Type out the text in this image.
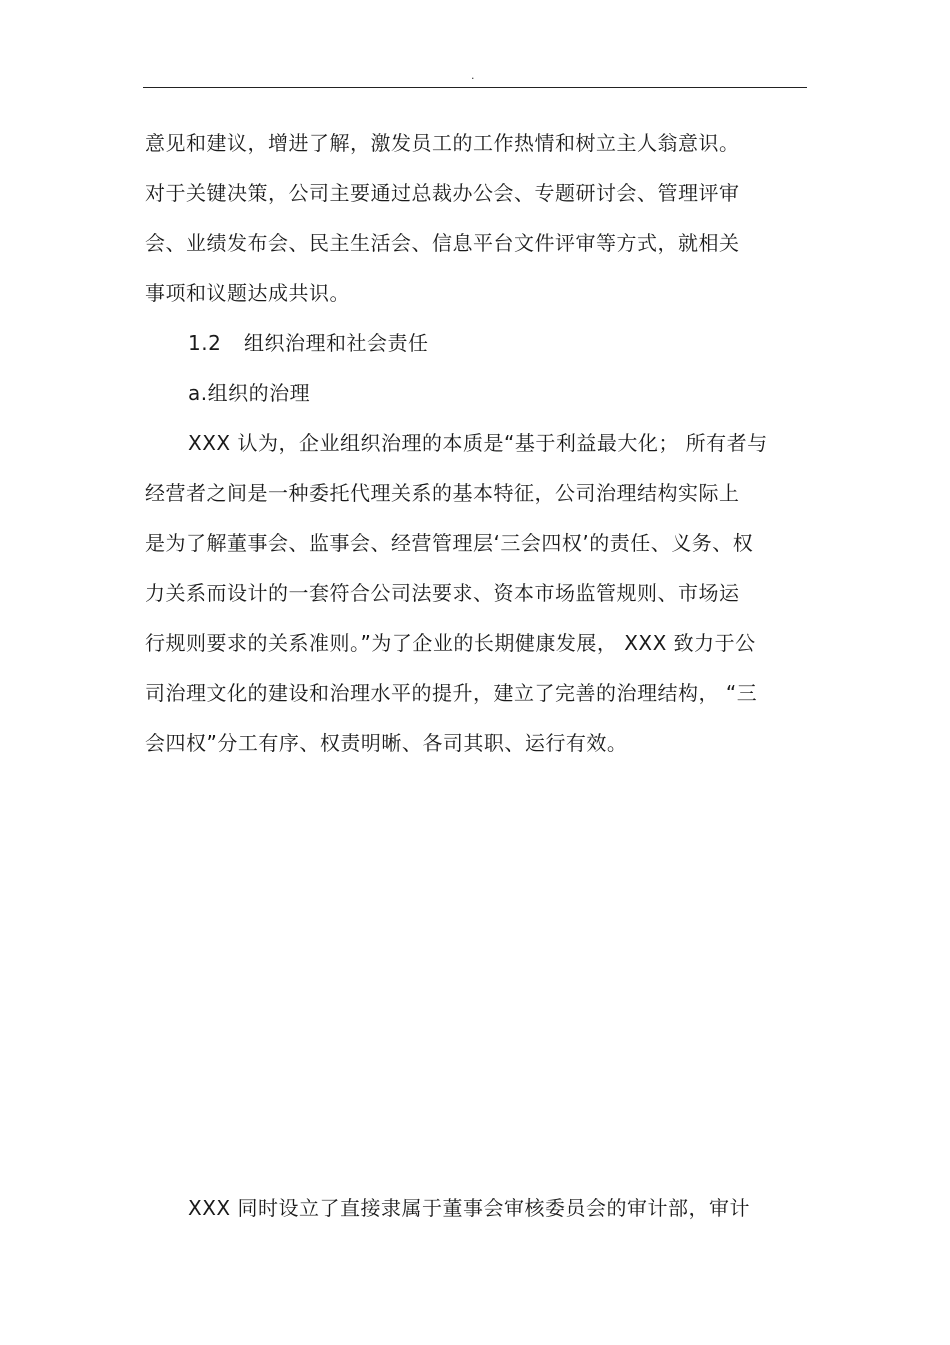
.
意见和建议，增进了解，激发员工的工作热情和树立主人翁意识。
对于关键决策，公司主要通过总裁办公会、专题研讨会、管理评审
会、业绩发布会、民主生活会、信息平台文件评审等方式，就相关
事项和议题达成共识。
1.2 组织治理和社会责任
a.组织的治理
XXX 认为，企业组织治理的本质是“基于利益最大化； 所有者与
经营者之间是一种委托代理关系的基本特征，公司治理结构实际上
是为了解董事会、监事会、经营管理层‘三会四权’的责任、义务、权
力关系而设计的一套符合公司法要求、资本市场监管规则、市场运
行规则要求的关系准则。”为了企业的长期健康发展， XXX 致力于公
司治理文化的建设和治理水平的提升，建立了完善的治理结构， “三
会四权”分工有序、权责明晰、各司其职、运行有效。
XXX 同时设立了直接隶属于董事会审核委员会的审计部，审计
